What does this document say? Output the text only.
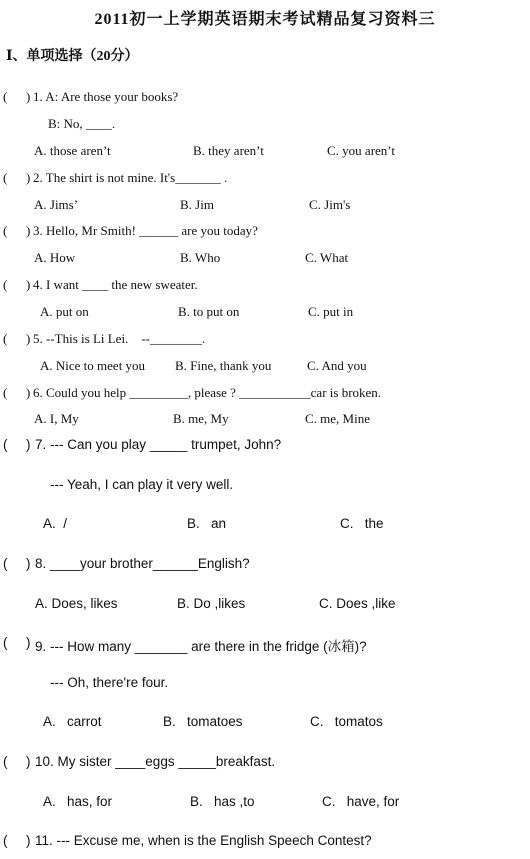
2011初一上学期英语期末考试精品复习资料三
Ⅰ、单项选择（20分）
( ) 1. A: Are those your books?
B: No, ____.
A. those aren’t	B. they aren’t	C. you aren’t
( ) 2. The shirt is not mine. It's_______ .
A. Jims’	B. Jim	C. Jim's
( ) 3. Hello, Mr Smith! ______ are you today?
A. How	B. Who	C. What
( ) 4. I want ____ the new sweater.
A. put on	B. to put on	C. put in
( ) 5. --This is Li Lei.    --________.
A. Nice to meet you B. Fine, thank you	C. And you
( ) 6. Could you help _________, please ? ___________car is broken.
A. I, My	B. me, My	C. me, Mine
( ) 7. --- Can you play _____ trumpet, John?
--- Yeah, I can play it very well.
A.  /	B.   an	C.   the
( ) 8. ____your brother______English?
A. Does, likes	B. Do ,likes	C. Does ,like
( ) 9. --- How many _______ are there in the fridge (冰箱)?
--- Oh, there're four.
A.   carrot	B.   tomatoes	C.   tomatos
( ) 10. My sister ____eggs _____breakfast.
A.   has, for	B.   has ,to	C.   have, for
( ) 11. --- Excuse me, when is the English Speech Contest?
